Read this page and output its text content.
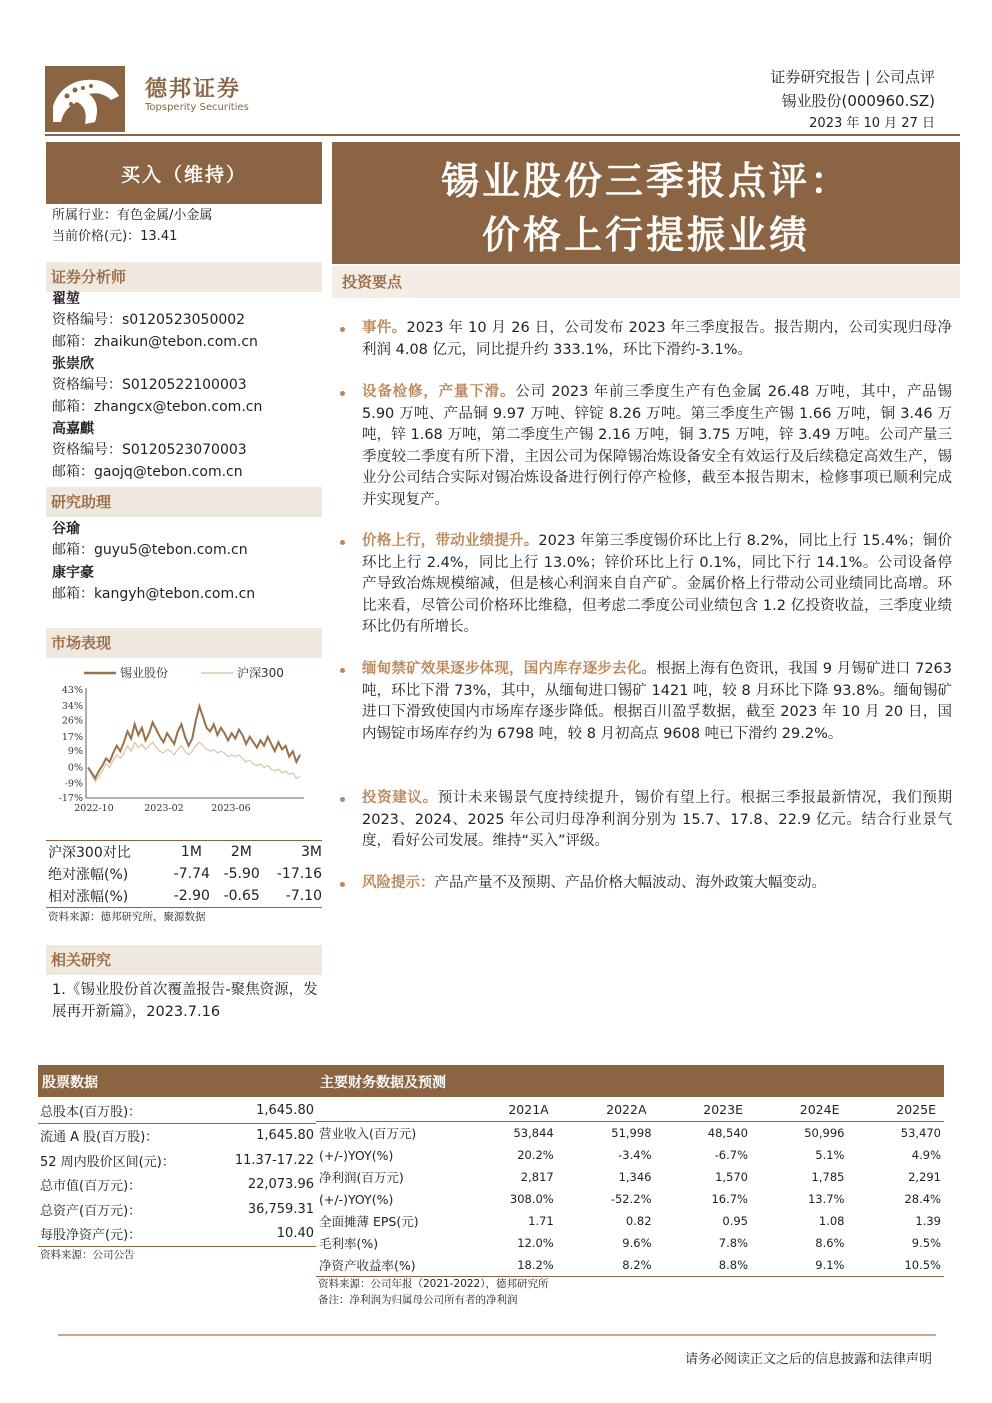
德邦证券
Topsperity Securities
证券研究报告 | 公司点评
锡业股份(000960.SZ)
2023 年 10 月 27 日
买入（维持）	锡业股份三季报点评：
价格上行提振业绩
所属行业：有色金属/小金属
当前价格(元)：13.41
证券分析师
翟堃
资格编号：s0120523050002
邮箱：zhaikun@tebon.com.cn
张崇欣
资格编号：S0120522100003
邮箱：zhangcx@tebon.com.cn
高嘉麒
资格编号：S0120523070003
邮箱：gaojq@tebon.com.cn
研究助理
谷瑜
邮箱：guyu5@tebon.com.cn
康宇豪
邮箱：kangyh@tebon.com.cn
市场表现
锡业股份	沪深300
43%
34%
26%
17%
9%
0%
-9%
-17%
2022-10	2023-02	2023-06
沪深300对比	1M	2M	3M
绝对涨幅(%)	-7.74	-5.90	-17.16
相对涨幅(%)	-2.90	-0.65	-7.10
资料来源：德邦研究所，聚源数据
相关研究
1.《锡业股份首次覆盖报告-聚焦资源，发展再开新篇》，2023.7.16
投资要点
事件。2023 年 10 月 26 日，公司发布 2023 年三季度报告。报告期内，公司实现归母净利润 4.08 亿元，同比提升约 333.1%，环比下滑约-3.1%。
设备检修，产量下滑。公司 2023 年前三季度生产有色金属 26.48 万吨，其中，产品锡 5.90 万吨、产品铜 9.97 万吨、锌锭 8.26 万吨。第三季度生产锡 1.66 万吨，铜 3.46 万吨，锌 1.68 万吨，第二季度生产锡 2.16 万吨，铜 3.75 万吨，锌 3.49 万吨。公司产量三季度较二季度有所下滑，主因公司为保障锡冶炼设备安全有效运行及后续稳定高效生产，锡业分公司结合实际对锡冶炼设备进行例行停产检修，截至本报告期末，检修事项已顺利完成并实现复产。
价格上行，带动业绩提升。2023 年第三季度锡价环比上行 8.2%，同比上行 15.4%；铜价环比上行 2.4%，同比上行 13.0%；锌价环比上行 0.1%，同比下行 14.1%。公司设备停产导致冶炼规模缩减，但是核心利润来自自产矿。金属价格上行带动公司业绩同比高增。环比来看，尽管公司价格环比维稳，但考虑二季度公司业绩包含 1.2 亿投资收益，三季度业绩环比仍有所增长。
缅甸禁矿效果逐步体现，国内库存逐步去化。根据上海有色资讯，我国 9 月锡矿进口 7263 吨，环比下滑 73%，其中，从缅甸进口锡矿 1421 吨，较 8 月环比下降 93.8%。缅甸锡矿进口下滑致使国内市场库存逐步降低。根据百川盈孚数据，截至 2023 年 10 月 20 日，国内锡锭市场库存约为 6798 吨，较 8 月初高点 9608 吨已下滑约 29.2%。
投资建议。预计未来锡景气度持续提升，锡价有望上行。根据三季报最新情况，我们预期 2023、2024、2025 年公司归母净利润分别为 15.7、17.8、22.9 亿元。结合行业景气度，看好公司发展。维持“买入”评级。
风险提示：产品产量不及预期、产品价格大幅波动、海外政策大幅变动。
股票数据
总股本(百万股)：	1,645.80
流通 A 股(百万股)：	1,645.80
52 周内股价区间(元)：	11.37-17.22
总市值(百万元)：	22,073.96
总资产(百万元)：	36,759.31
每股净资产(元)：	10.40
资料来源：公司公告
主要财务数据及预测
	2021A	2022A	2023E	2024E	2025E
营业收入(百万元)	53,844	51,998	48,540	50,996	53,470
(+/-)YOY(%)	20.2%	-3.4%	-6.7%	5.1%	4.9%
净利润(百万元)	2,817	1,346	1,570	1,785	2,291
(+/-)YOY(%)	308.0%	-52.2%	16.7%	13.7%	28.4%
全面摊薄 EPS(元)	1.71	0.82	0.95	1.08	1.39
毛利率(%)	12.0%	9.6%	7.8%	8.6%	9.5%
净资产收益率(%)	18.2%	8.2%	8.8%	9.1%	10.5%
资料来源：公司年报（2021-2022），德邦研究所
备注：净利润为归属母公司所有者的净利润
请务必阅读正文之后的信息披露和法律声明
